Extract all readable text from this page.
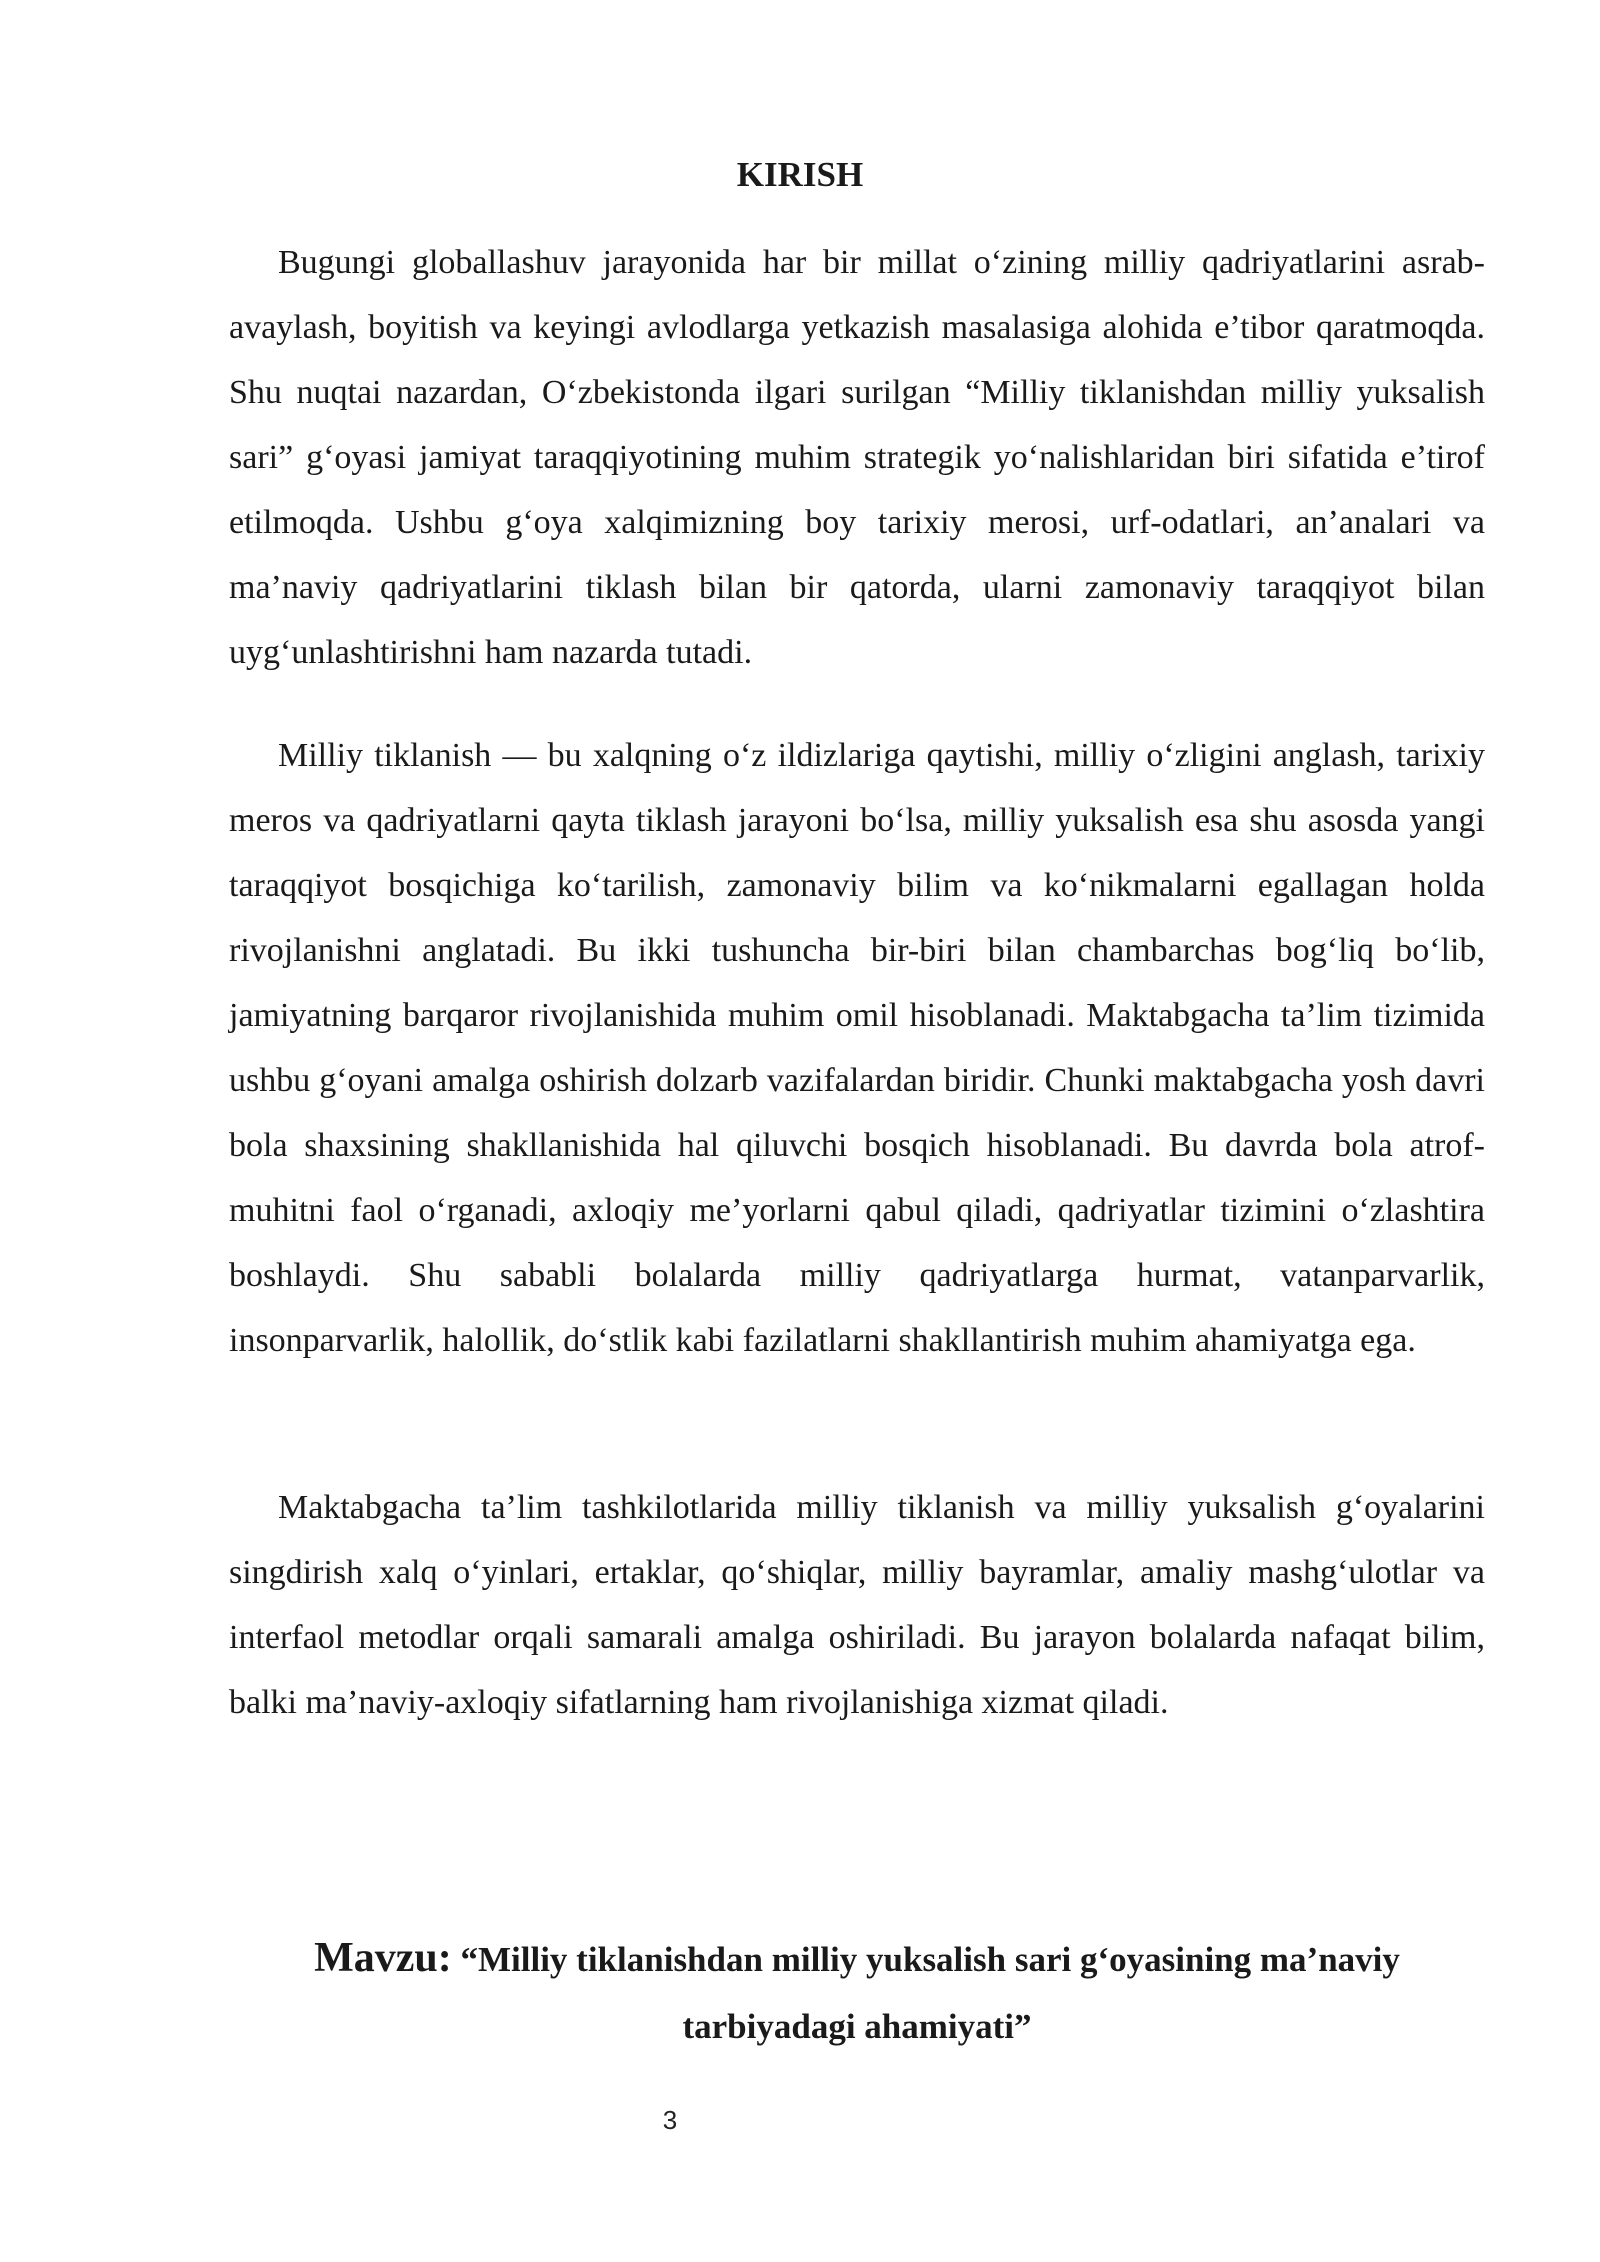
KIRISH

Bugungi globallashuv jarayonida har bir millat o‘zining milliy qadriyatlarini asrab-avaylash, boyitish va keyingi avlodlarga yetkazish masalasiga alohida e’tibor qaratmoqda. Shu nuqtai nazardan, O‘zbekistonda ilgari surilgan “Milliy tiklanishdan milliy yuksalish sari” g‘oyasi jamiyat taraqqiyotining muhim strategik yo‘nalishlaridan biri sifatida e’tirof etilmoqda. Ushbu g‘oya xalqimizning boy tarixiy merosi, urf-odatlari, an’analari va ma’naviy qadriyatlarini tiklash bilan bir qatorda, ularni zamonaviy taraqqiyot bilan uyg‘unlashtirishni ham nazarda tutadi.

Milliy tiklanish — bu xalqning o‘z ildizlariga qaytishi, milliy o‘zligini anglash, tarixiy meros va qadriyatlarni qayta tiklash jarayoni bo‘lsa, milliy yuksalish esa shu asosda yangi taraqqiyot bosqichiga ko‘tarilish, zamonaviy bilim va ko‘nikmalarni egallagan holda rivojlanishni anglatadi. Bu ikki tushuncha bir-biri bilan chambarchas bog‘liq bo‘lib, jamiyatning barqaror rivojlanishida muhim omil hisoblanadi. Maktabgacha ta’lim tizimida ushbu g‘oyani amalga oshirish dolzarb vazifalardan biridir. Chunki maktabgacha yosh davri bola shaxsining shakllanishida hal qiluvchi bosqich hisoblanadi. Bu davrda bola atrof-muhitni faol o‘rganadi, axloqiy me’yorlarni qabul qiladi, qadriyatlar tizimini o‘zlashtira boshlaydi. Shu sababli bolalarda milliy qadriyatlarga hurmat, vatanparvarlik, insonparvarlik, halollik, do‘stlik kabi fazilatlarni shakllantirish muhim ahamiyatga ega.

Maktabgacha ta’lim tashkilotlarida milliy tiklanish va milliy yuksalish g‘oyalarini singdirish xalq o‘yinlari, ertaklar, qo‘shiqlar, milliy bayramlar, amaliy mashg‘ulotlar va interfaol metodlar orqali samarali amalga oshiriladi. Bu jarayon bolalarda nafaqat bilim, balki ma’naviy-axloqiy sifatlarning ham rivojlanishiga xizmat qiladi.

Mavzu: “Milliy tiklanishdan milliy yuksalish sari g‘oyasining ma’naviy tarbiyadagi ahamiyati”
3
